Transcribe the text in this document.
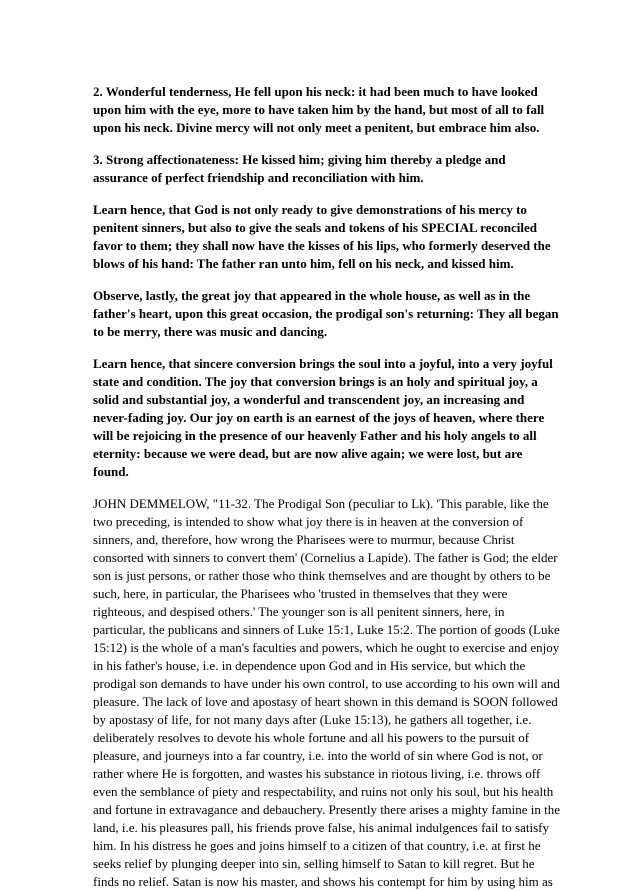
2. Wonderful tenderness, He fell upon his neck: it had been much to have looked upon him with the eye, more to have taken him by the hand, but most of all to fall upon his neck. Divine mercy will not only meet a penitent, but embrace him also.

3. Strong affectionateness: He kissed him; giving him thereby a pledge and assurance of perfect friendship and reconciliation with him.

Learn hence, that God is not only ready to give demonstrations of his mercy to penitent sinners, but also to give the seals and tokens of his SPECIAL reconciled favor to them; they shall now have the kisses of his lips, who formerly deserved the blows of his hand: The father ran unto him, fell on his neck, and kissed him.

Observe, lastly, the great joy that appeared in the whole house, as well as in the father's heart, upon this great occasion, the prodigal son's returning: They all began to be merry, there was music and dancing.

Learn hence, that sincere conversion brings the soul into a joyful, into a very joyful state and condition. The joy that conversion brings is an holy and spiritual joy, a solid and substantial joy, a wonderful and transcendent joy, an increasing and never-fading joy. Our joy on earth is an earnest of the joys of heaven, where there will be rejoicing in the presence of our heavenly Father and his holy angels to all eternity: because we were dead, but are now alive again; we were lost, but are found.

JOHN DEMMELOW, "11-32. The Prodigal Son (peculiar to Lk). 'This parable, like the two preceding, is intended to show what joy there is in heaven at the conversion of sinners, and, therefore, how wrong the Pharisees were to murmur, because Christ consorted with sinners to convert them' (Cornelius a Lapide). The father is God; the elder son is just persons, or rather those who think themselves and are thought by others to be such, here, in particular, the Pharisees who 'trusted in themselves that they were righteous, and despised others.' The younger son is all penitent sinners, here, in particular, the publicans and sinners of Luke 15:1, Luke 15:2. The portion of goods (Luke 15:12) is the whole of a man's faculties and powers, which he ought to exercise and enjoy in his father's house, i.e. in dependence upon God and in His service, but which the prodigal son demands to have under his own control, to use according to his own will and pleasure. The lack of love and apostasy of heart shown in this demand is SOON followed by apostasy of life, for not many days after (Luke 15:13), he gathers all together, i.e. deliberately resolves to devote his whole fortune and all his powers to the pursuit of pleasure, and journeys into a far country, i.e. into the world of sin where God is not, or rather where He is forgotten, and wastes his substance in riotous living, i.e. throws off even the semblance of piety and respectability, and ruins not only his soul, but his health and fortune in extravagance and debauchery. Presently there arises a mighty famine in the land, i.e. his pleasures pall, his friends prove false, his animal indulgences fail to satisfy him. In his distress he goes and joins himself to a citizen of that country, i.e. at first he seeks relief by plunging deeper into sin, selling himself to Satan to kill regret. But he finds no relief. Satan is now his master, and shows his contempt for him by using him as
